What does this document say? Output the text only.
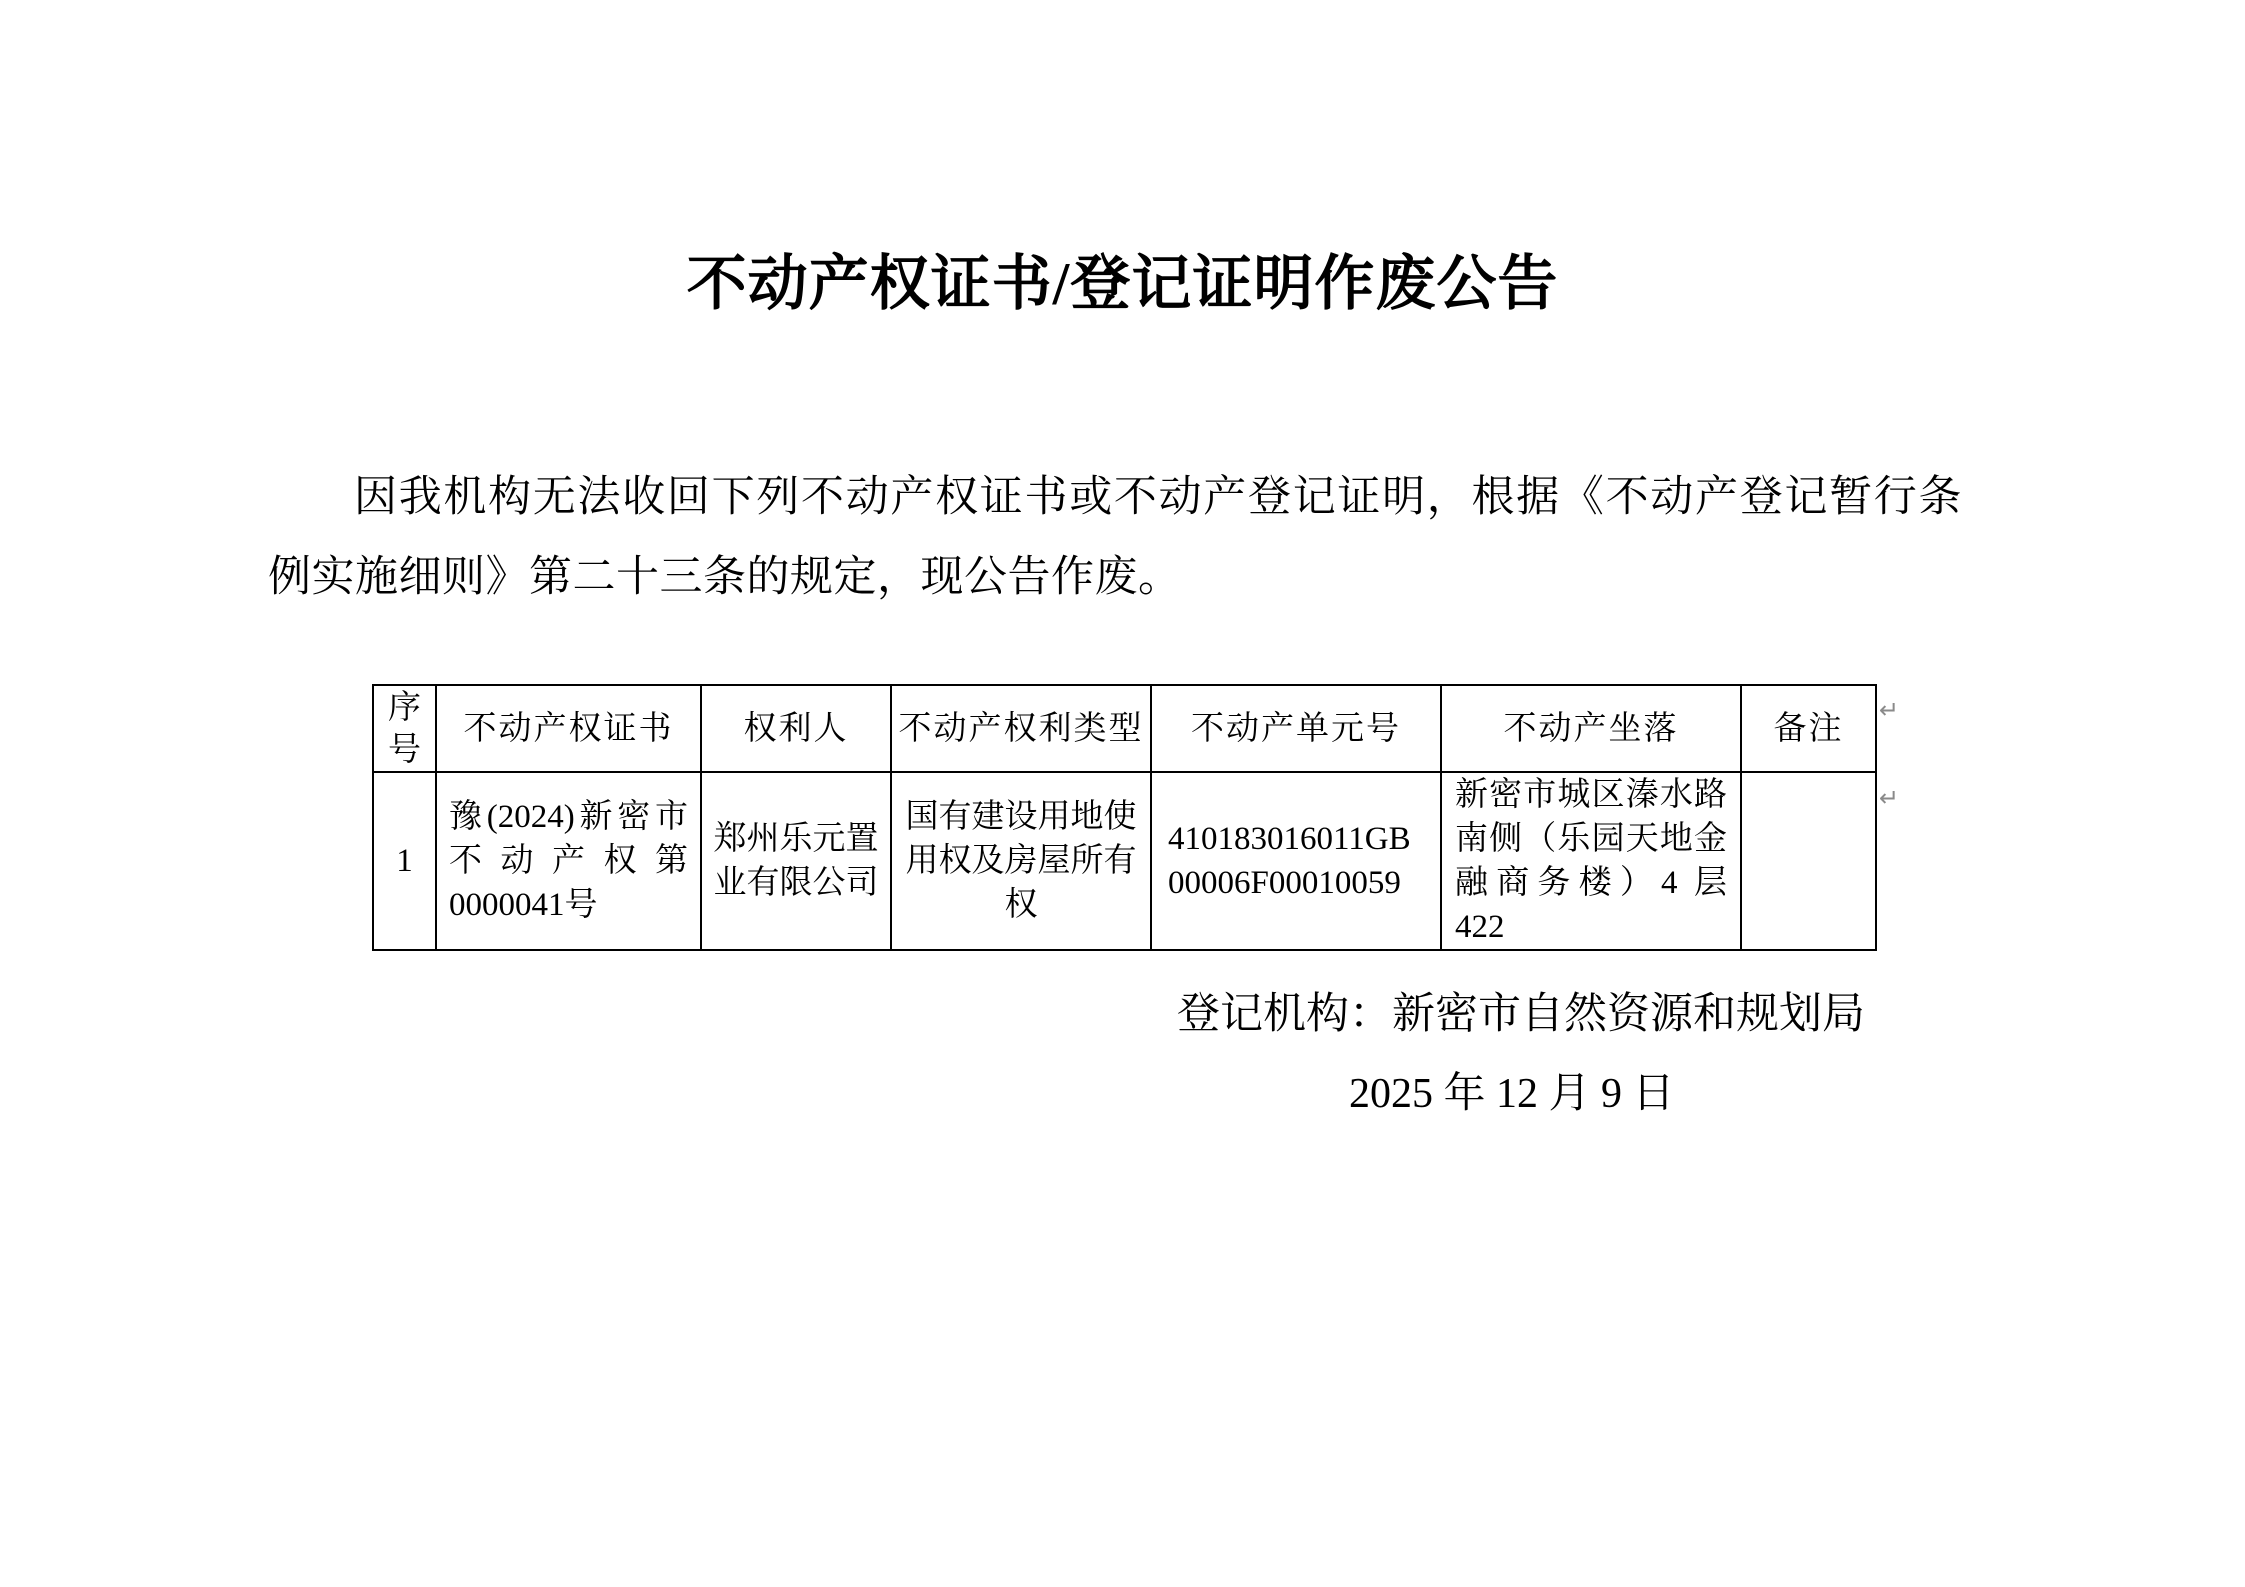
不动产权证书/登记证明作废公告

因我机构无法收回下列不动产权证书或不动产登记证明，根据《不动产登记暂行条例实施细则》第二十三条的规定，现公告作废。

序号	不动产权证书	权利人	不动产权利类型	不动产单元号	不动产坐落	备注
1	豫(2024)新密市不动产权第0000041号	郑州乐元置业有限公司	国有建设用地使用权及房屋所有权	410183016011GB00006F00010059	新密市城区溱水路南侧（乐园天地金融商务楼）4 层 422	
登记机构：新密市自然资源和规划局
2025 年 12 月 9 日
↵
↵
